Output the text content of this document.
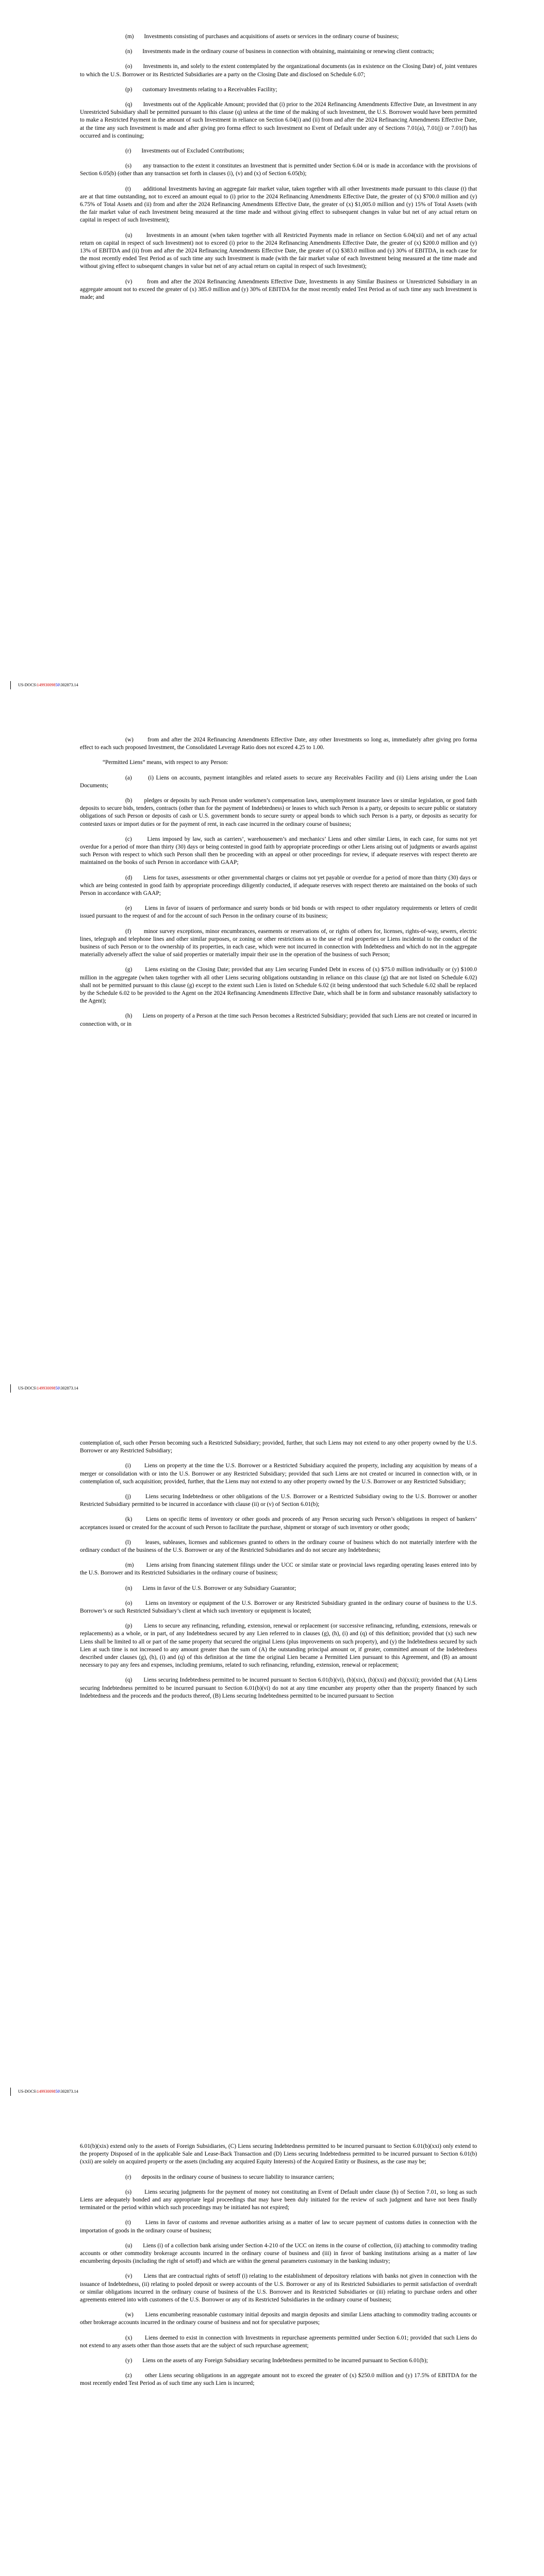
(m) Investments consisting of purchases and acquisitions of assets or services in the ordinary course of business;

(n) Investments made in the ordinary course of business in connection with obtaining, maintaining or renewing client contracts;

(o) Investments in, and solely to the extent contemplated by the organizational documents (as in existence on the Closing Date) of, joint ventures to which the U.S. Borrower or its Restricted Subsidiaries are a party on the Closing Date and disclosed on Schedule 6.07;

(p) customary Investments relating to a Receivables Facility;

(q) Investments out of the Applicable Amount; provided that (i) prior to the 2024 Refinancing Amendments Effective Date, an Investment in any Unrestricted Subsidiary shall be permitted pursuant to this clause (q) unless at the time of the making of such Investment, the U.S. Borrower would have been permitted to make a Restricted Payment in the amount of such Investment in reliance on Section 6.04(i) and (ii) from and after the 2024 Refinancing Amendments Effective Date, at the time any such Investment is made and after giving pro forma effect to such Investment no Event of Default under any of Sections 7.01(a), 7.01(j) or 7.01(f) has occurred and is continuing;

(r) Investments out of Excluded Contributions;

(s) any transaction to the extent it constitutes an Investment that is permitted under Section 6.04 or is made in accordance with the provisions of Section 6.05(b) (other than any transaction set forth in clauses (i), (v) and (x) of Section 6.05(b);

(t) additional Investments having an aggregate fair market value, taken together with all other Investments made pursuant to this clause (t) that are at that time outstanding, not to exceed an amount equal to (i) prior to the 2024 Refinancing Amendments Effective Date, the greater of (x) $700.0 million and (y) 6.75% of Total Assets and (ii) from and after the 2024 Refinancing Amendments Effective Date, the greater of (x) $1,005.0 million and (y) 15% of Total Assets (with the fair market value of each Investment being measured at the time made and without giving effect to subsequent changes in value but net of any actual return on capital in respect of such Investment);

(u) Investments in an amount (when taken together with all Restricted Payments made in reliance on Section 6.04(xii) and net of any actual return on capital in respect of such Investment) not to exceed (i) prior to the 2024 Refinancing Amendments Effective Date, the greater of (x) $200.0 million and (y) 13% of EBITDA and (ii) from and after the 2024 Refinancing Amendments Effective Date, the greater of (x) $383.0 million and (y) 30% of EBITDA, in each case for the most recently ended Test Period as of such time any such Investment is made (with the fair market value of each Investment being measured at the time made and without giving effect to subsequent changes in value but net of any actual return on capital in respect of such Investment);

(v)	from and after the 2024 Refinancing Amendments Effective Date, Investments in any Similar Business or Unrestricted Subsidiary in an aggregate amount not to exceed the greater of (x) 385.0 million and (y) 30% of EBITDA for the most recently ended Test Period as of such time any such Investment is made; and

US-DOCS\14993009850\302873.14

(w) from and after the 2024 Refinancing Amendments Effective Date, any other Investments so long as, immediately after giving pro forma effect to each such proposed Investment, the Consolidated Leverage Ratio does not exceed 4.25 to 1.00.

“Permitted Liens” means, with respect to any Person:

(a)	(i) Liens on accounts, payment intangibles and related assets to secure any Receivables Facility and (ii) Liens arising under the Loan Documents;

(b) pledges or deposits by such Person under workmen’s compensation laws, unemployment insurance laws or similar legislation, or good faith deposits to secure bids, tenders, contracts (other than for the payment of Indebtedness) or leases to which such Person is a party, or deposits to secure public or statutory obligations of such Person or deposits of cash or U.S. government bonds to secure surety or appeal bonds to which such Person is a party, or deposits as security for contested taxes or import duties or for the payment of rent, in each case incurred in the ordinary course of business;

(c)	Liens imposed by law, such as carriers’, warehousemen’s and mechanics’ Liens and other similar Liens, in each case, for sums not yet overdue for a period of more than thirty (30) days or being contested in good faith by appropriate proceedings or other Liens arising out of judgments or awards against such Person with respect to which such Person shall then be proceeding with an appeal or other proceedings for review, if adequate reserves with respect thereto are maintained on the books of such Person in accordance with GAAP;

(d) Liens for taxes, assessments or other governmental charges or claims not yet payable or overdue for a period of more than thirty (30) days or which are being contested in good faith by appropriate proceedings diligently conducted, if adequate reserves with respect thereto are maintained on the books of such Person in accordance with GAAP;

(e) Liens in favor of issuers of performance and surety bonds or bid bonds or with respect to other regulatory requirements or letters of credit issued pursuant to the request of and for the account of such Person in the ordinary course of its business;

(f) minor survey exceptions, minor encumbrances, easements or reservations of, or rights of others for, licenses, rights-of-way, sewers, electric lines, telegraph and telephone lines and other similar purposes, or zoning or other restrictions as to the use of real properties or Liens incidental to the conduct of the business of such Person or to the ownership of its properties, in each case, which were not incurred in connection with Indebtedness and which do not in the aggregate materially adversely affect the value of said properties or materially impair their use in the operation of the business of such Person;

(g) Liens existing on the Closing Date; provided that any Lien securing Funded Debt in excess of (x) $75.0 million individually or (y) $100.0 million in the aggregate (when taken together with all other Liens securing obligations outstanding in reliance on this clause (g) that are not listed on Schedule 6.02) shall not be permitted pursuant to this clause (g) except to the extent such Lien is listed on Schedule 6.02 (it being understood that such Schedule 6.02 shall be replaced by the Schedule 6.02 to be provided to the Agent on the 2024 Refinancing Amendments Effective Date, which shall be in form and substance reasonably satisfactory to the Agent);

(h) Liens on property of a Person at the time such Person becomes a Restricted Subsidiary; provided that such Liens are not created or incurred in connection with, or in

US-DOCS\14993009850\302873.14

contemplation of, such other Person becoming such a Restricted Subsidiary; provided, further, that such Liens may not extend to any other property owned by the U.S. Borrower or any Restricted Subsidiary;

(i) Liens on property at the time the U.S. Borrower or a Restricted Subsidiary acquired the property, including any acquisition by means of a merger or consolidation with or into the U.S. Borrower or any Restricted Subsidiary; provided that such Liens are not created or incurred in connection with, or in contemplation of, such acquisition; provided, further, that the Liens may not extend to any other property owned by the U.S. Borrower or any Restricted Subsidiary;

(j) Liens securing Indebtedness or other obligations of the U.S. Borrower or a Restricted Subsidiary owing to the U.S. Borrower or another Restricted Subsidiary permitted to be incurred in accordance with clause (ii) or (v) of Section 6.01(b);

(k) Liens on specific items of inventory or other goods and proceeds of any Person securing such Person’s obligations in respect of bankers’ acceptances issued or created for the account of such Person to facilitate the purchase, shipment or storage of such inventory or other goods;

(l) leases, subleases, licenses and sublicenses granted to others in the ordinary course of business which do not materially interfere with the ordinary conduct of the business of the U.S. Borrower or any of the Restricted Subsidiaries and do not secure any Indebtedness;

(m) Liens arising from financing statement filings under the UCC or similar state or provincial laws regarding operating leases entered into by the U.S. Borrower and its Restricted Subsidiaries in the ordinary course of business;

(n) Liens in favor of the U.S. Borrower or any Subsidiary Guarantor;

(o) Liens on inventory or equipment of the U.S. Borrower or any Restricted Subsidiary granted in the ordinary course of business to the U.S. Borrower’s or such Restricted Subsidiary’s client at which such inventory or equipment is located;

(p) Liens to secure any refinancing, refunding, extension, renewal or replacement (or successive refinancing, refunding, extensions, renewals or replacements) as a whole, or in part, of any Indebtedness secured by any Lien referred to in clauses (g), (h), (i) and (q) of this definition; provided that (x) such new Liens shall be limited to all or part of the same property that secured the original Liens (plus improvements on such property), and (y) the Indebtedness secured by such Lien at such time is not increased to any amount greater than the sum of (A) the outstanding principal amount or, if greater, committed amount of the Indebtedness described under clauses (g), (h), (i) and (q) of this definition at the time the original Lien became a Permitted Lien pursuant to this Agreement, and (B) an amount necessary to pay any fees and expenses, including premiums, related to such refinancing, refunding, extension, renewal or replacement;

(q) Liens securing Indebtedness permitted to be incurred pursuant to Section 6.01(b)(vi), (b)(xix), (b)(xxi) and (b)(xxii); provided that (A) Liens securing Indebtedness permitted to be incurred pursuant to Section 6.01(b)(vi) do not at any time encumber any property other than the property financed by such Indebtedness and the proceeds and the products thereof, (B) Liens securing Indebtedness permitted to be incurred pursuant to Section

US-DOCS\14993009850\302873.14

6.01(b)(xix) extend only to the assets of Foreign Subsidiaries, (C) Liens securing Indebtedness permitted to be incurred pursuant to Section 6.01(b)(xxi) only extend to the property Disposed of in the applicable Sale and Lease-Back Transaction and (D) Liens securing Indebtedness permitted to be incurred pursuant to Section 6.01(b)(xxii) are solely on acquired property or the assets (including any acquired Equity Interests) of the Acquired Entity or Business, as the case may be;

(r) deposits in the ordinary course of business to secure liability to insurance carriers;

(s) Liens securing judgments for the payment of money not constituting an Event of Default under clause (h) of Section 7.01, so long as such Liens are adequately bonded and any appropriate legal proceedings that may have been duly initiated for the review of such judgment and have not been finally terminated or the period within which such proceedings may be initiated has not expired;

(t) Liens in favor of customs and revenue authorities arising as a matter of law to secure payment of customs duties in connection with the importation of goods in the ordinary course of business;

(u) Liens (i) of a collection bank arising under Section 4-210 of the UCC on items in the course of collection, (ii) attaching to commodity trading accounts or other commodity brokerage accounts incurred in the ordinary course of business and (iii) in favor of banking institutions arising as a matter of law encumbering deposits (including the right of setoff) and which are within the general parameters customary in the banking industry;

(v) Liens that are contractual rights of setoff (i) relating to the establishment of depository relations with banks not given in connection with the issuance of Indebtedness, (ii) relating to pooled deposit or sweep accounts of the U.S. Borrower or any of its Restricted Subsidiaries to permit satisfaction of overdraft or similar obligations incurred in the ordinary course of business of the U.S. Borrower and its Restricted Subsidiaries or (iii) relating to purchase orders and other agreements entered into with customers of the U.S. Borrower or any of its Restricted Subsidiaries in the ordinary course of business;

(w) Liens encumbering reasonable customary initial deposits and margin deposits and similar Liens attaching to commodity trading accounts or other brokerage accounts incurred in the ordinary course of business and not for speculative purposes;

(x) Liens deemed to exist in connection with Investments in repurchase agreements permitted under Section 6.01; provided that such Liens do not extend to any assets other than those assets that are the subject of such repurchase agreement;

(y) Liens on the assets of any Foreign Subsidiary securing Indebtedness permitted to be incurred pursuant to Section 6.01(b);

(z) other Liens securing obligations in an aggregate amount not to exceed the greater of (x) $250.0 million and (y) 17.5% of EBITDA for the most recently ended Test Period as of such time any such Lien is incurred;
